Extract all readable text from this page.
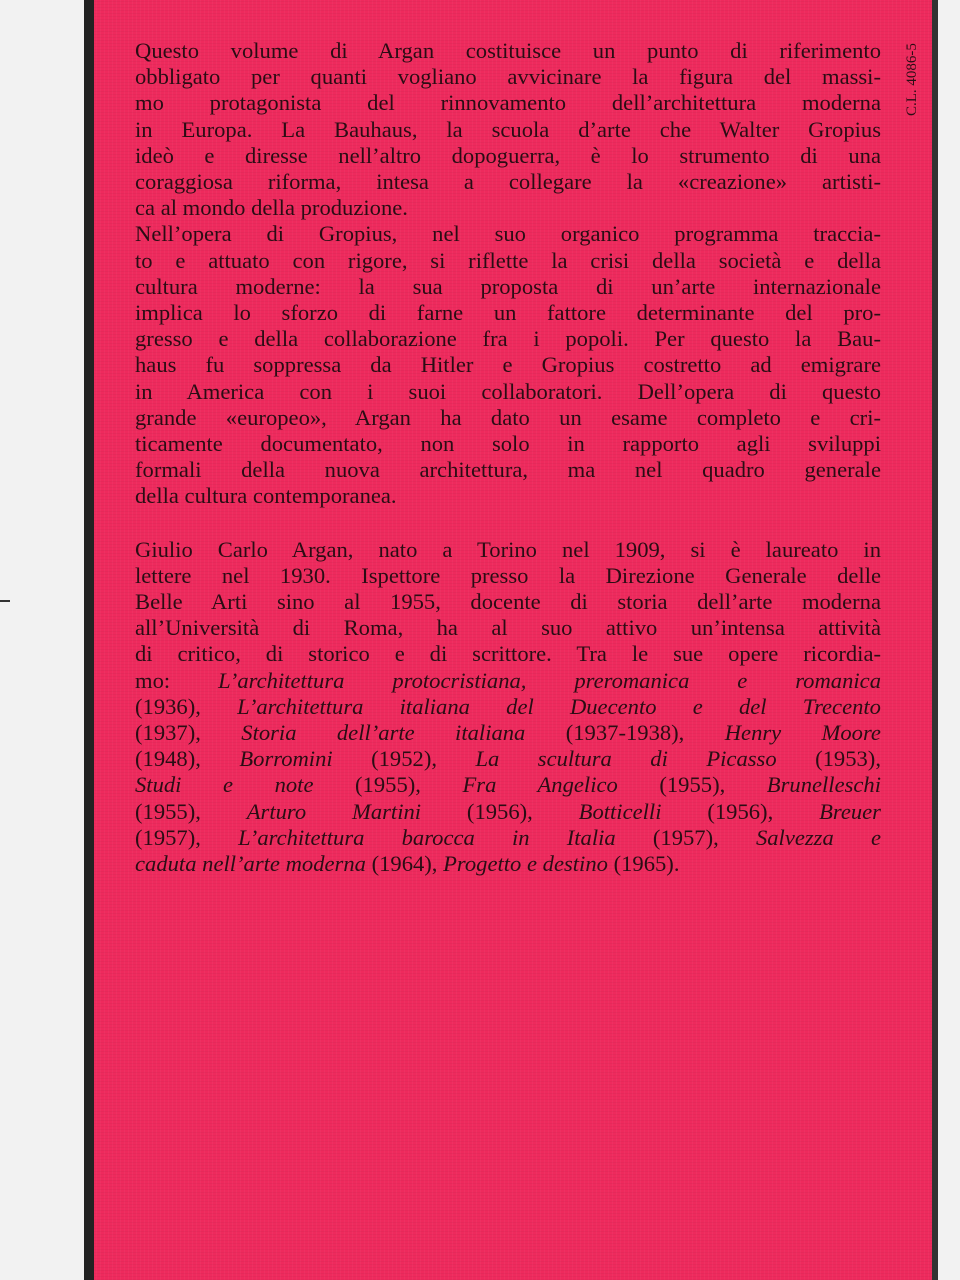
C.L. 4086-5
Questo volume di Argan costituisce un punto di riferimento
obbligato per quanti vogliano avvicinare la figura del massi-
mo protagonista del rinnovamento dell’architettura moderna
in Europa. La Bauhaus, la scuola d’arte che Walter Gropius
ideò e diresse nell’altro dopoguerra, è lo strumento di una
coraggiosa riforma, intesa a collegare la «creazione» artisti-
ca al mondo della produzione.
Nell’opera di Gropius, nel suo organico programma tracciа-
to e attuato con rigore, si riflette la crisi della società e della
cultura moderne: la sua proposta di un’arte internazionale
implica lo sforzo di farne un fattore determinante del pro-
gresso e della collaborazione fra i popoli. Per questo la Bau-
haus fu soppressa da Hitler e Gropius costretto ad emigrare
in America con i suoi collaboratori. Dell’opera di questo
grande «europeo», Argan ha dato un esame completo e cri-
ticamente documentato, non solo in rapporto agli sviluppi
formali della nuova architettura, ma nel quadro generale
della cultura contemporanea.
Giulio Carlo Argan, nato a Torino nel 1909, si è laureato in
lettere nel 1930. Ispettore presso la Direzione Generale delle
Belle Arti sino al 1955, docente di storia dell’arte moderna
all’Università di Roma, ha al suo attivo un’intensa attività
di critico, di storico e di scrittore. Tra le sue opere ricordia-
mo: L’architettura protocristiana, preromanica e romanica
(1936), L’architettura italiana del Duecento e del Trecento
(1937), Storia dell’arte italiana (1937-1938), Henry Moore
(1948), Borromini (1952), La scultura di Picasso (1953),
Studi e note (1955), Fra Angelico (1955), Brunelleschi
(1955), Arturo Martini (1956), Botticelli (1956), Breuer
(1957), L’architettura barocca in Italia (1957), Salvezza e
caduta nell’arte moderna (1964), Progetto e destino (1965).
